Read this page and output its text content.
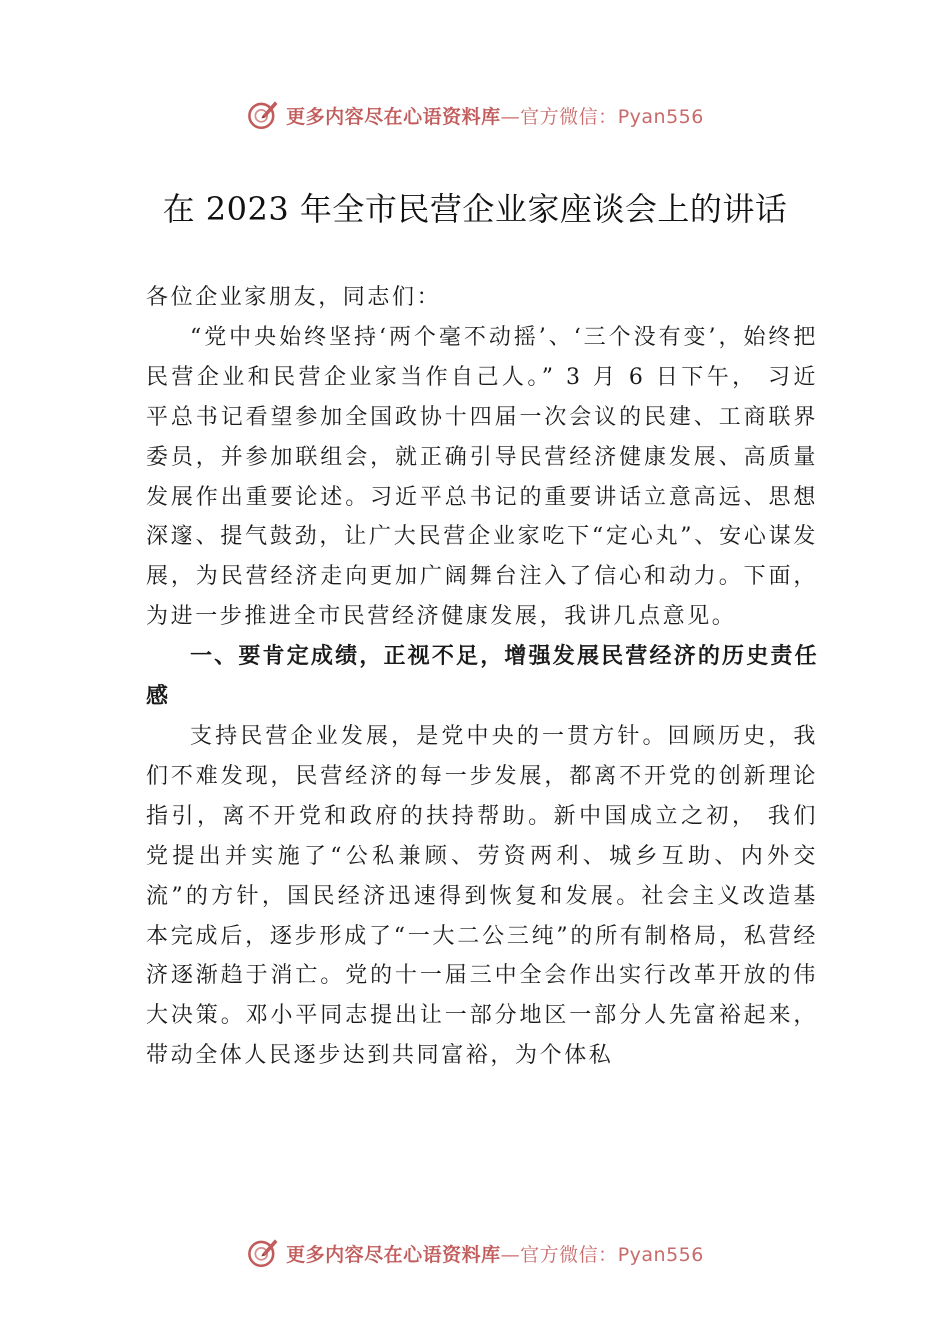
更多内容尽在心语资料库—官方微信：Pyan556
在 2023 年全市民营企业家座谈会上的讲话

各位企业家朋友，同志们：

“党中央始终坚持‘两个毫不动摇’、‘三个没有变’，始终把民营企业和民营企业家当作自己人。” 3 月 6 日下午， 习近平总书记看望参加全国政协十四届一次会议的民建、工商联界委员，并参加联组会，就正确引导民营经济健康发展、高质量发展作出重要论述。习近平总书记的重要讲话立意高远、思想深邃、提气鼓劲，让广大民营企业家吃下“定心丸”、安心谋发展，为民营经济走向更加广阔舞台注入了信心和动力。下面，为进一步推进全市民营经济健康发展，我讲几点意见。

一、要肯定成绩，正视不足，增强发展民营经济的历史责任感

支持民营企业发展，是党中央的一贯方针。回顾历史，我们不难发现，民营经济的每一步发展，都离不开党的创新理论指引，离不开党和政府的扶持帮助。新中国成立之初， 我们党提出并实施了“公私兼顾、劳资两利、城乡互助、内外交流”的方针，国民经济迅速得到恢复和发展。社会主义改造基本完成后，逐步形成了“一大二公三纯”的所有制格局，私营经济逐渐趋于消亡。党的十一届三中全会作出实行改革开放的伟大决策。邓小平同志提出让一部分地区一部分人先富裕起来，带动全体人民逐步达到共同富裕，为个体私

更多内容尽在心语资料库—官方微信：Pyan556
